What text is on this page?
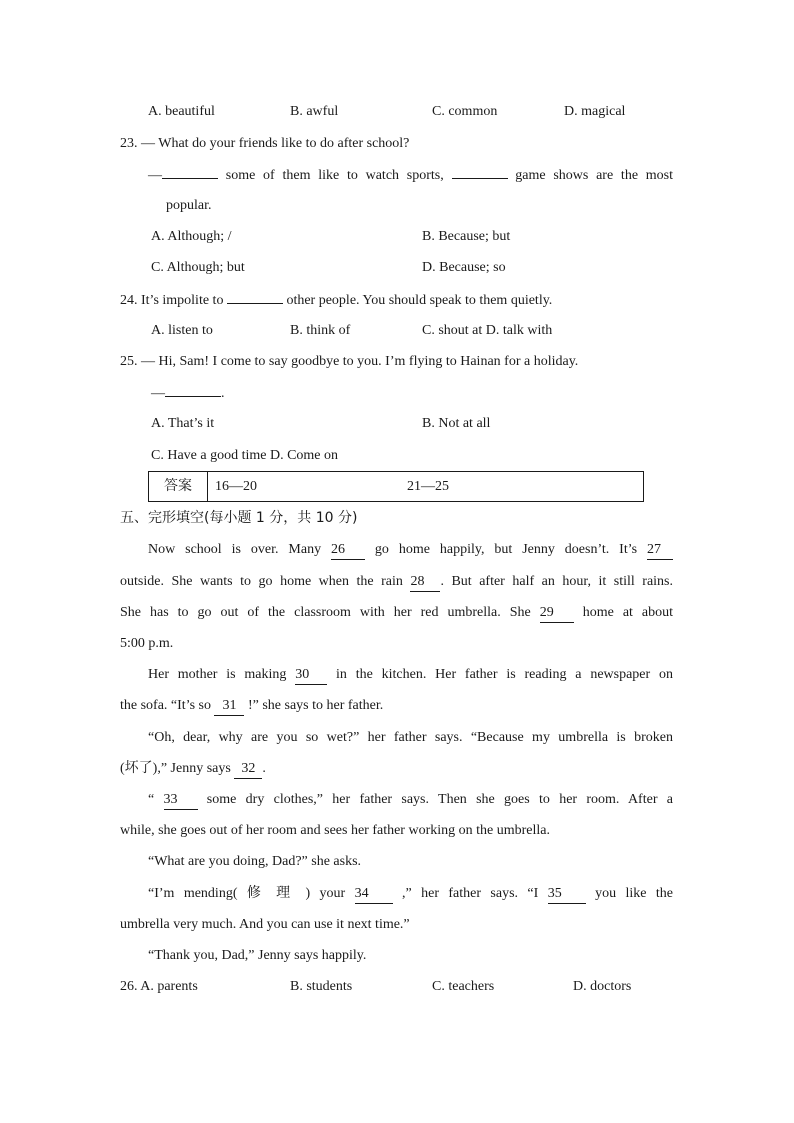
A. beautiful	B. awful	C. common	D. magical
23. — What do your friends like to do after school?
—	some of them like to watch sports,	game shows are the most
popular.
A. Although; /	B. Because; but
C. Although; but	D. Because; so
24. It’s impolite to	other people. You should speak to them quietly.
A. listen to	B. think of	C. shout at D. talk with
25. — Hi, Sam! I come to say goodbye to you. I’m flying to Hainan for a holiday.
—	.
A. That’s it	B. Not at all
C. Have a good time D. Come on
答案	16—20	21—25
五、完形填空(每小题 1 分，共 10 分)
Now school is over. Many 26 go home happily, but Jenny doesn’t. It’s 27
outside. She wants to go home when the rain 28 . But after half an hour, it still rains.
She has to go out of the classroom with her red umbrella. She 29 home at about
5:00 p.m.
Her mother is making 30 in the kitchen. Her father is reading a newspaper on
the sofa. “It’s so 31 !” she says to her father.
“Oh, dear, why are you so wet?” her father says. “Because my umbrella is broken
(坏了),” Jenny says 32 .
“ 33 some dry clothes,” her father says. Then she goes to her room. After a
while, she goes out of her room and sees her father working on the umbrella.
“What are you doing, Dad?” she asks.
“I’m mending( 修 理 ) your 34 ,” her father says. “I 35 you like the
umbrella very much. And you can use it next time.”
“Thank you, Dad,” Jenny says happily.
26. A. parents	B. students	C. teachers	D. doctors
